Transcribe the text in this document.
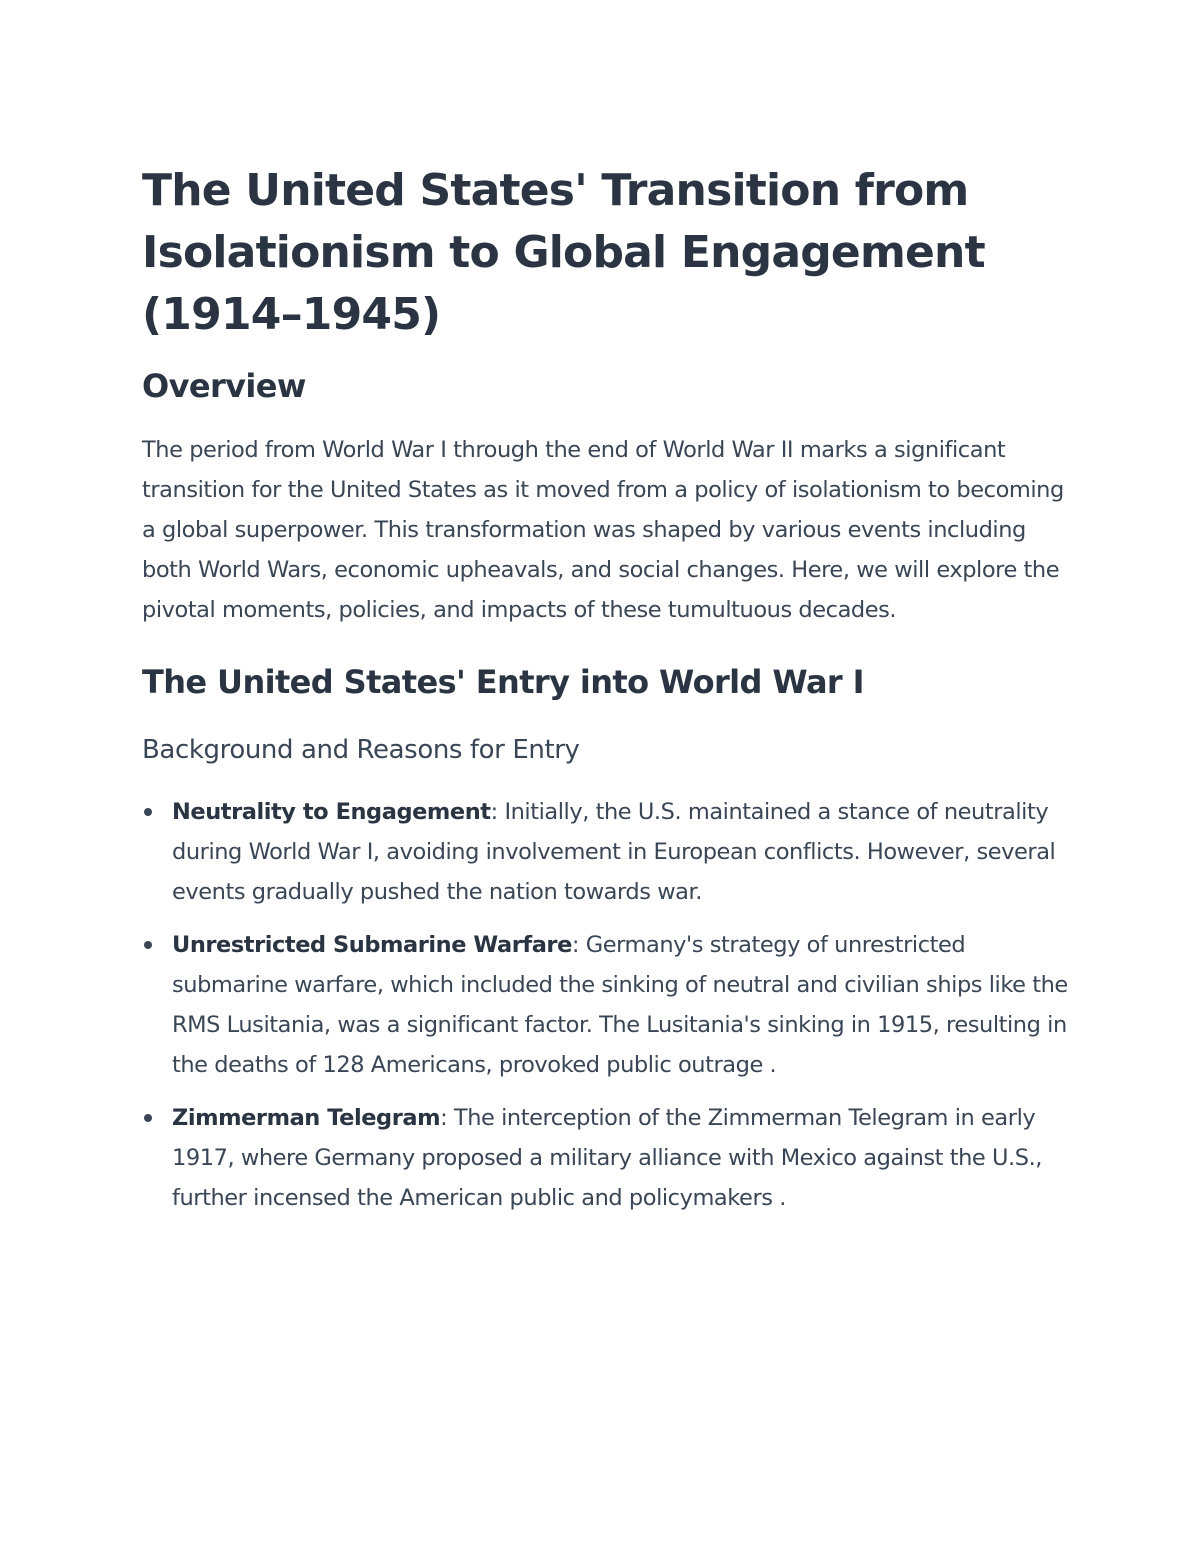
The United States' Transition from Isolationism to Global Engagement (1914–1945)
Overview

The period from World War I through the end of World War II marks a significant transition for the United States as it moved from a policy of isolationism to becoming a global superpower. This transformation was shaped by various events including both World Wars, economic upheavals, and social changes. Here, we will explore the pivotal moments, policies, and impacts of these tumultuous decades.

The United States' Entry into World War I
Background and Reasons for Entry
Neutrality to Engagement: Initially, the U.S. maintained a stance of neutrality during World War I, avoiding involvement in European conflicts. However, several events gradually pushed the nation towards war.
Unrestricted Submarine Warfare: Germany's strategy of unrestricted submarine warfare, which included the sinking of neutral and civilian ships like the RMS Lusitania, was a significant factor. The Lusitania's sinking in 1915, resulting in the deaths of 128 Americans, provoked public outrage .
Zimmerman Telegram: The interception of the Zimmerman Telegram in early 1917, where Germany proposed a military alliance with Mexico against the U.S., further incensed the American public and policymakers .
